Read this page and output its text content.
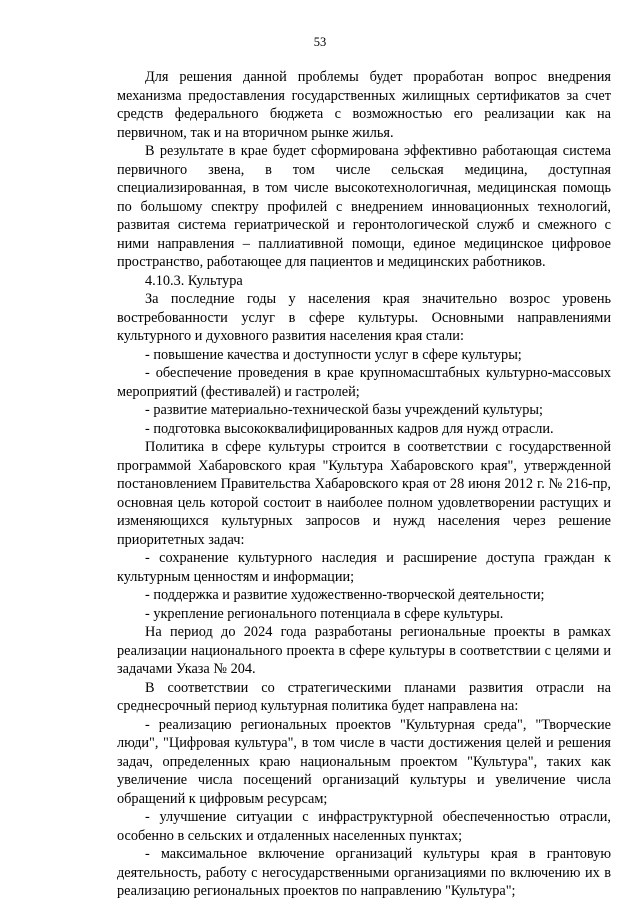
53

Для решения данной проблемы будет проработан вопрос внедрения механизма предоставления государственных жилищных сертификатов за счет средств федерального бюджета с возможностью его реализации как на первичном, так и на вторичном рынке жилья.

В результате в крае будет сформирована эффективно работающая система первичного звена, в том числе сельская медицина, доступная специализированная, в том числе высокотехнологичная, медицинская помощь по большому спектру профилей с внедрением инновационных технологий, развитая система гериатрической и геронтологической служб и смежного с ними направления – паллиативной помощи, единое медицинское цифровое пространство, работающее для пациентов и медицинских работников.

4.10.3. Культура

За последние годы у населения края значительно возрос уровень востребованности услуг в сфере культуры. Основными направлениями культурного и духовного развития населения края стали:

- повышение качества и доступности услуг в сфере культуры;

- обеспечение проведения в крае крупномасштабных культурно-массовых мероприятий (фестивалей) и гастролей;

- развитие материально-технической базы учреждений культуры;

- подготовка высококвалифицированных кадров для нужд отрасли.

Политика в сфере культуры строится в соответствии с государственной программой Хабаровского края "Культура Хабаровского края", утвержденной постановлением Правительства Хабаровского края от 28 июня 2012 г. № 216-пр, основная цель которой состоит в наиболее полном удовлетворении растущих и изменяющихся культурных запросов и нужд населения через решение приоритетных задач:

- сохранение культурного наследия и расширение доступа граждан к культурным ценностям и информации;

- поддержка и развитие художественно-творческой деятельности;

- укрепление регионального потенциала в сфере культуры.

На период до 2024 года разработаны региональные проекты в рамках реализации национального проекта в сфере культуры в соответствии с целями и задачами Указа № 204.

В соответствии со стратегическими планами развития отрасли на среднесрочный период культурная политика будет направлена на:

- реализацию региональных проектов "Культурная среда", "Творческие люди", "Цифровая культура", в том числе в части достижения целей и решения задач, определенных краю национальным проектом "Культура", таких как увеличение числа посещений организаций культуры и увеличение числа обращений к цифровым ресурсам;

- улучшение ситуации с инфраструктурной обеспеченностью отрасли, особенно в сельских и отдаленных населенных пунктах;

- максимальное включение организаций культуры края в грантовую деятельность, работу с негосударственными организациями по включению их в реализацию региональных проектов по направлению "Культура";
